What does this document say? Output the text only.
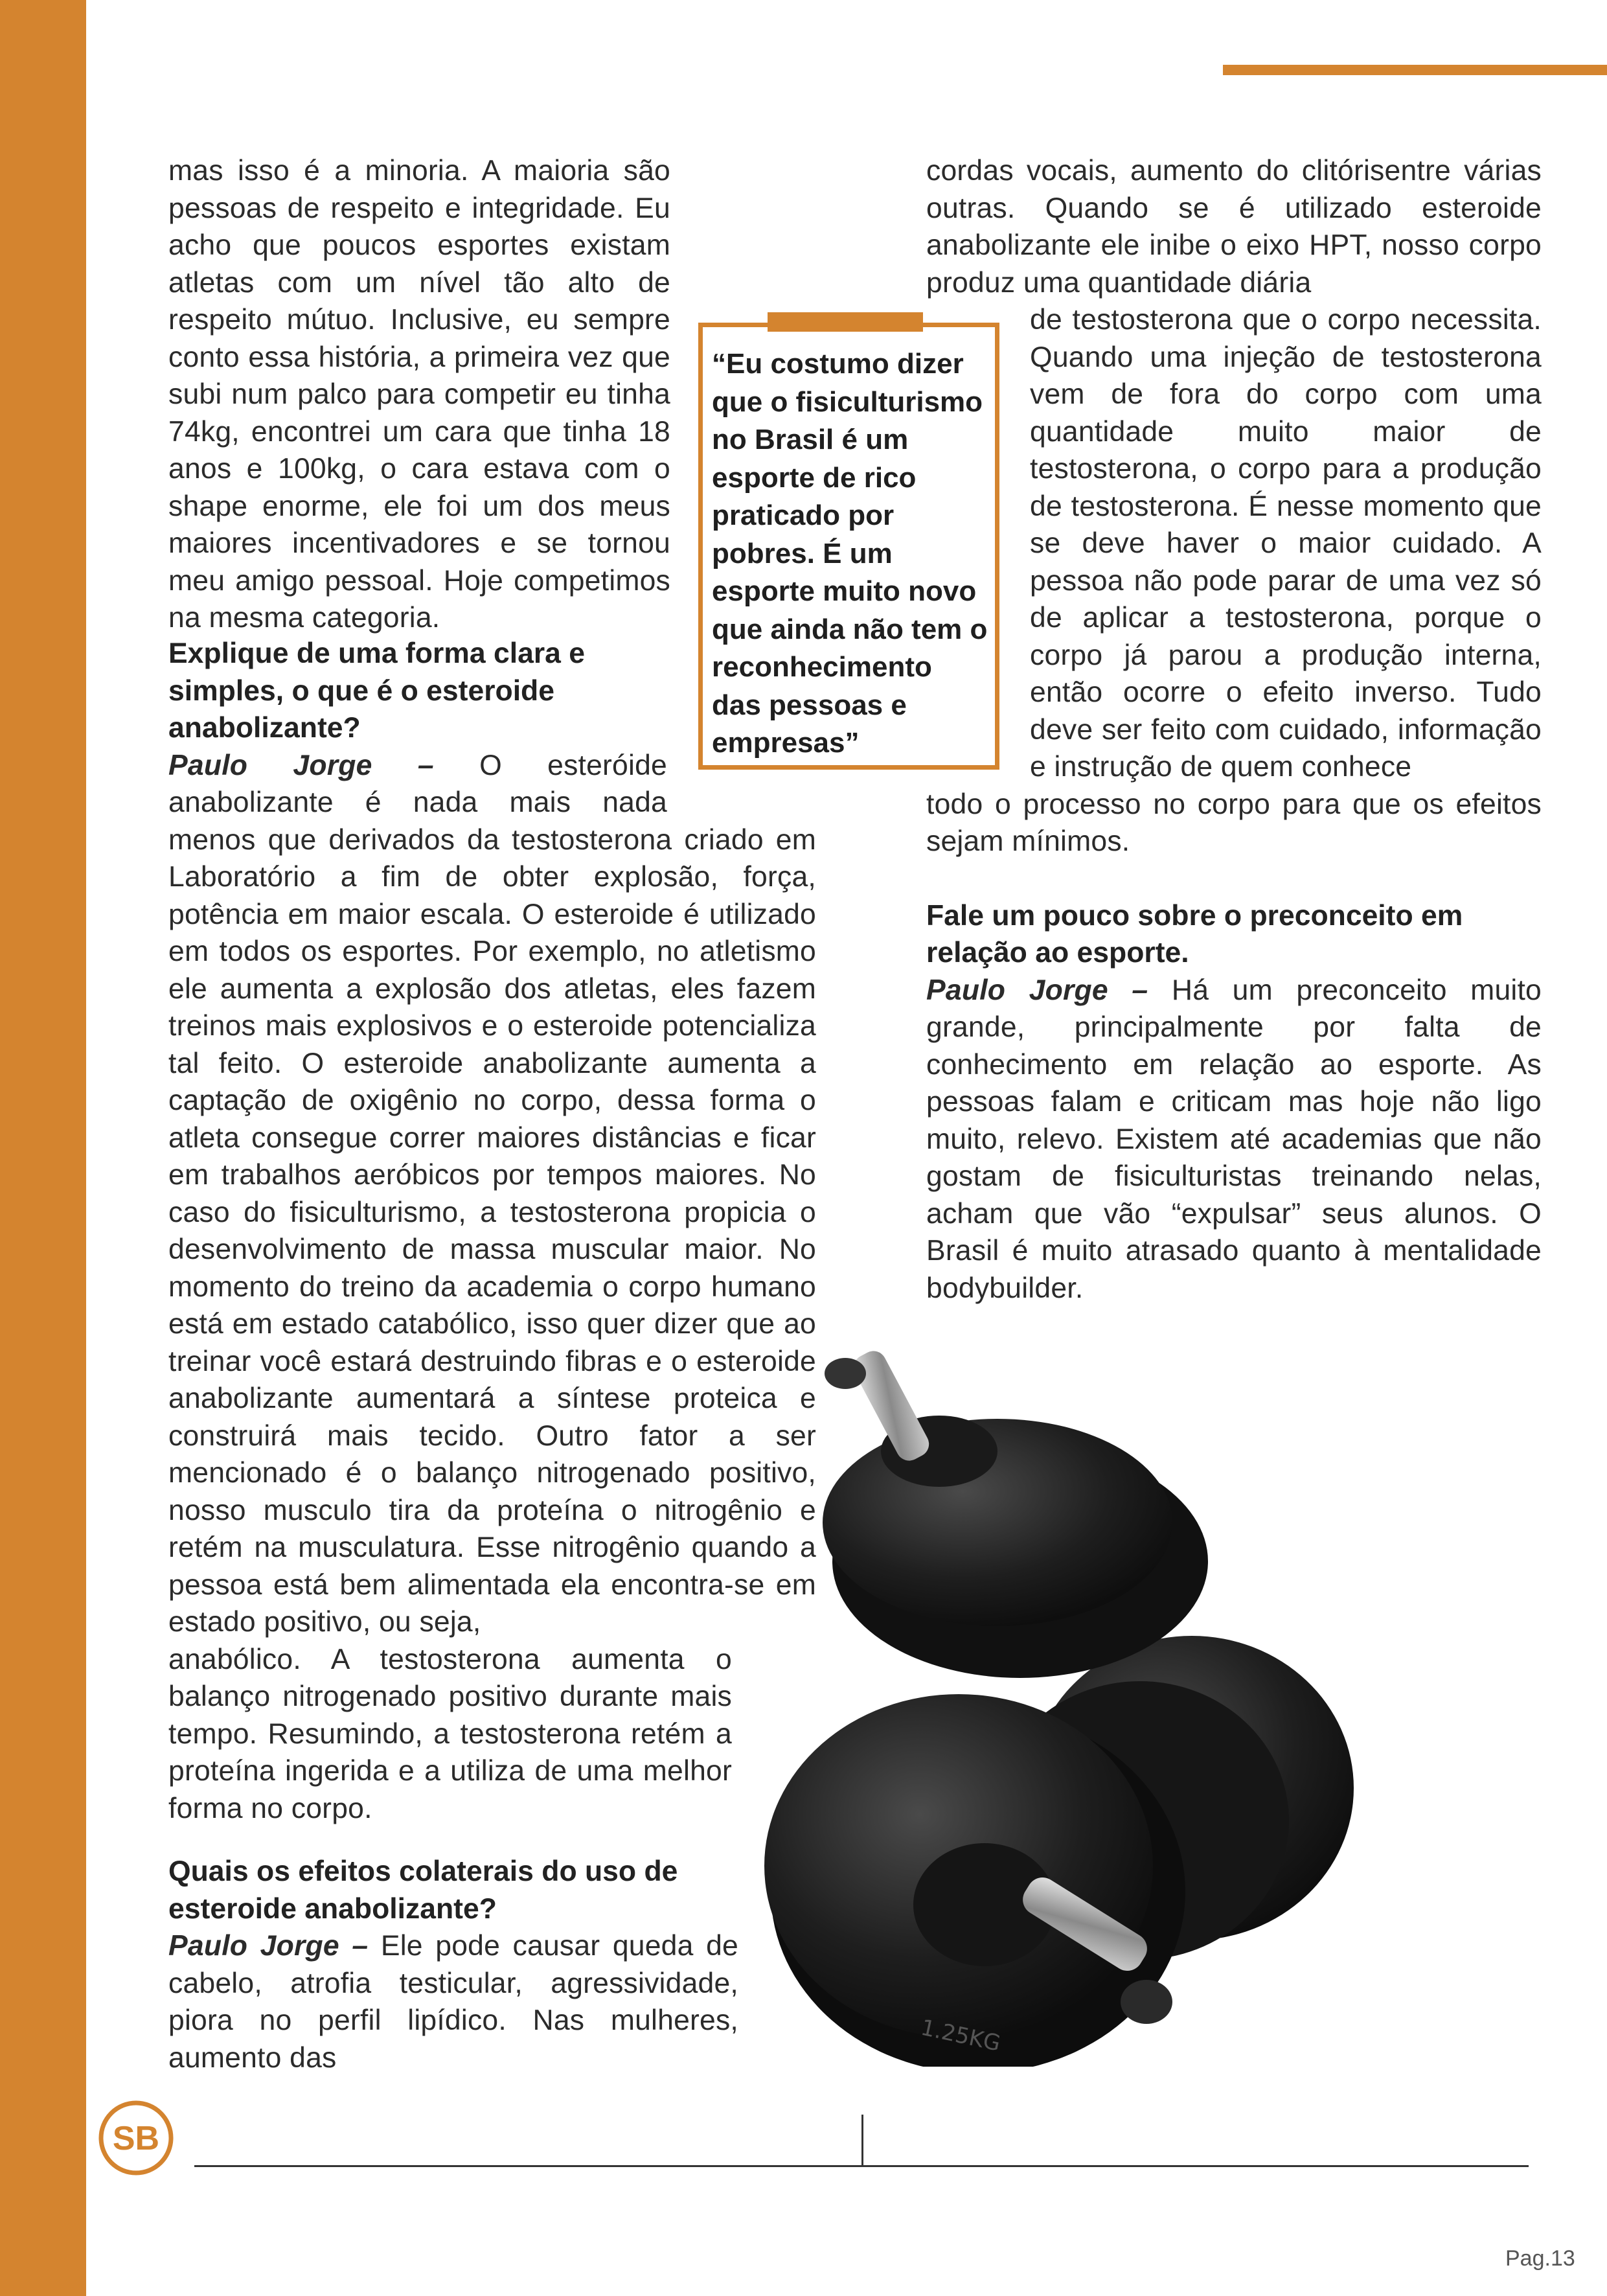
mas isso é a minoria. A maioria são pessoas de respeito e integridade. Eu acho que poucos esportes existam atletas com um nível tão alto de respeito mútuo. Inclusive, eu sempre conto essa história, a primeira vez que subi num palco para competir eu tinha 74kg, encontrei um cara que tinha 18 anos e 100kg, o cara estava com o shape enorme, ele foi um dos meus maiores incentivadores e se tornou meu amigo pessoal. Hoje competimos na mesma categoria.

Explique de uma forma clara e simples, o que é o esteroide anabolizante?

Paulo Jorge – O esteróide anabolizante é nada mais nada menos que derivados da testosterona criado em Laboratório a fim de obter explosão, força, potência em maior escala. O esteroide é utilizado em todos os esportes. Por exemplo, no atletismo ele aumenta a explosão dos atletas, eles fazem treinos mais explosivos e o esteroide potencializa tal feito. O esteroide anabolizante aumenta a captação de oxigênio no corpo, dessa forma o atleta consegue correr maiores distâncias e ficar em trabalhos aeróbicos por tempos maiores. No caso do fisiculturismo, a testosterona propicia o desenvolvimento de massa muscular maior. No momento do treino da academia o corpo humano está em estado catabólico, isso quer dizer que ao treinar você estará destruindo fibras e o esteroide anabolizante aumentará a síntese proteica e construirá mais tecido. Outro fator a ser mencionado é o balanço nitrogenado positivo, nosso musculo tira da proteína o nitrogênio e retém na musculatura. Esse nitrogênio quando a pessoa está bem alimentada ela encontra-se em estado positivo, ou seja,
anabólico. A testosterona aumenta o balanço nitrogenado positivo durante mais tempo. Resumindo, a testosterona retém a proteína ingerida e a utiliza de uma melhor forma no corpo.

Quais os efeitos colaterais do uso de esteroide anabolizante?

Paulo Jorge – Ele pode causar queda de cabelo, atrofia testicular, agressividade, piora no perfil lipídico. Nas mulheres, aumento das

“Eu costumo dizer que o fisiculturismo no Brasil é um esporte de rico praticado por pobres. É um esporte muito novo que ainda não tem o reconhecimento das pessoas e empresas”

cordas vocais, aumento do clitórisentre várias outras. Quando se é utilizado esteroide anabolizante ele inibe o eixo HPT, nosso corpo produz uma quantidade diária

de testosterona que o corpo necessita. Quando uma injeção de testosterona vem de fora do corpo com uma quantidade muito maior de testosterona, o corpo para a produção de testosterona. É nesse momento que se deve haver o maior cuidado. A pessoa não pode parar de uma vez só de aplicar a testosterona, porque o corpo já parou a produção interna, então ocorre o efeito inverso. Tudo deve ser feito com cuidado, informação e instrução de quem conhece

todo o processo no corpo para que os efeitos sejam mínimos.

Fale um pouco sobre o preconceito em relação ao esporte.

Paulo Jorge – Há um preconceito muito grande, principalmente por falta de conhecimento em relação ao esporte. As pessoas falam e criticam mas hoje não ligo muito, relevo. Existem até academias que não gostam de fisiculturistas treinando nelas, acham que vão “expulsar” seus alunos. O Brasil é muito atrasado quanto à mentalidade bodybuilder.

1.25KG
SB
Pag.13
